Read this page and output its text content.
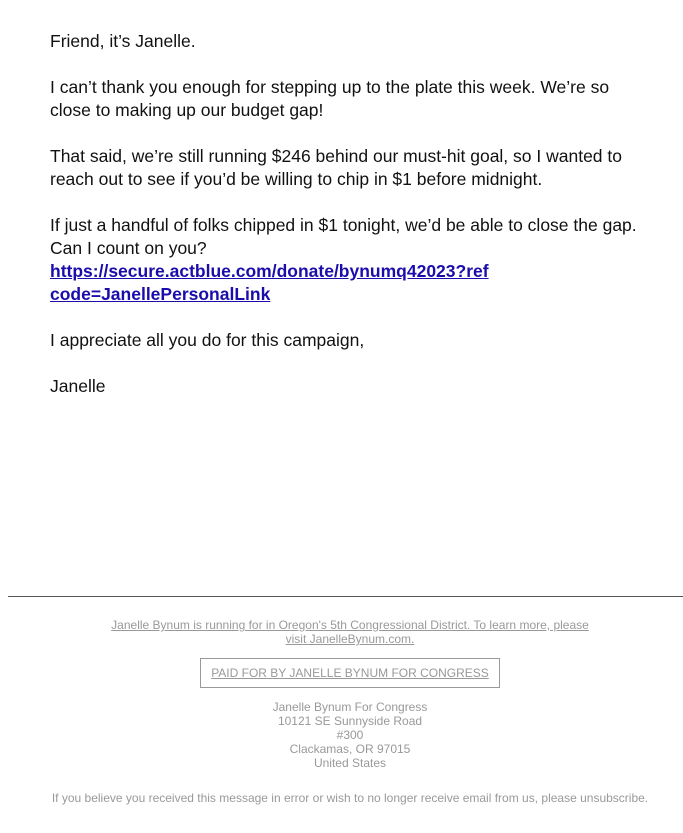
Friend, it’s Janelle.

I can’t thank you enough for stepping up to the plate this week. We’re so close to making up our budget gap!

That said, we’re still running $246 behind our must-hit goal, so I wanted to reach out to see if you’d be willing to chip in $1 before midnight.

If just a handful of folks chipped in $1 tonight, we’d be able to close the gap. Can I count on you?
https://secure.actblue.com/donate/bynumq42023?refcode=JanellePersonalLink

I appreciate all you do for this campaign,

Janelle

Janelle Bynum is running for in Oregon's 5th Congressional District. To learn more, please visit JanelleBynum.com.
PAID FOR BY JANELLE BYNUM FOR CONGRESS
Janelle Bynum For Congress
10121 SE Sunnyside Road
#300
Clackamas, OR 97015
United States
If you believe you received this message in error or wish to no longer receive email from us, please unsubscribe.
